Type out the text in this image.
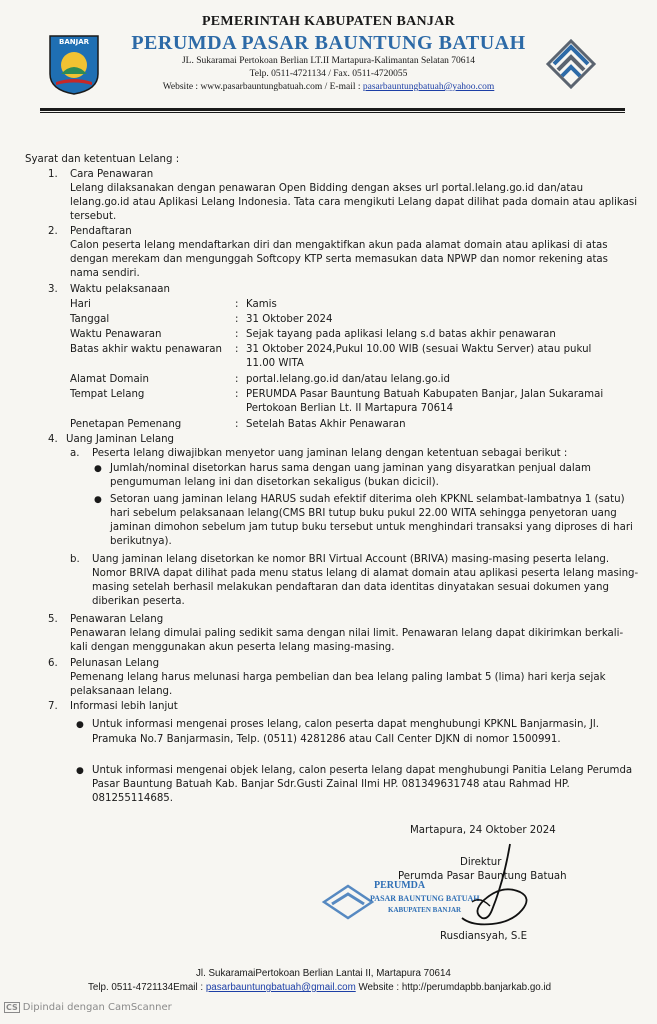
BANJAR
PEMERINTAH KABUPATEN BANJAR
PERUMDA PASAR BAUNTUNG BATUAH
JL. Sukaramai Pertokoan Berlian LT.II Martapura-Kalimantan Selatan 70614
Telp. 0511-4721134 / Fax. 0511-4720055
Website : www.pasarbauntungbatuah.com / E-mail : pasarbauntungbatuah@yahoo.com
Syarat dan ketentuan Lelang :
1. Cara Penawaran
Lelang dilaksanakan dengan penawaran Open Bidding dengan akses url portal.lelang.go.id dan/atau
lelang.go.id atau Aplikasi Lelang Indonesia. Tata cara mengikuti Lelang dapat dilihat pada domain atau aplikasi
tersebut.
2. Pendaftaran
Calon peserta lelang mendaftarkan diri dan mengaktifkan akun pada alamat domain atau aplikasi di atas
dengan merekam dan mengunggah Softcopy KTP serta memasukan data NPWP dan nomor rekening atas
nama sendiri.
3. Waktu pelaksanaan
Hari	: Kamis
Tanggal	: 31 Oktober 2024
Waktu Penawaran	: Sejak tayang pada aplikasi lelang s.d batas akhir penawaran
Batas akhir waktu penawaran : 31 Oktober 2024,Pukul 10.00 WIB (sesuai Waktu Server) atau pukul
11.00 WITA
Alamat Domain	: portal.lelang.go.id dan/atau lelang.go.id
Tempat Lelang	: PERUMDA Pasar Bauntung Batuah Kabupaten Banjar, Jalan Sukaramai
Pertokoan Berlian Lt. II Martapura 70614
Penetapan Pemenang	: Setelah Batas Akhir Penawaran
4. Uang Jaminan Lelang
a. Peserta lelang diwajibkan menyetor uang jaminan lelang dengan ketentuan sebagai berikut :
● Jumlah/nominal disetorkan harus sama dengan uang jaminan yang disyaratkan penjual dalam
pengumuman lelang ini dan disetorkan sekaligus (bukan dicicil).
● Setoran uang jaminan lelang HARUS sudah efektif diterima oleh KPKNL selambat-lambatnya 1 (satu)
hari sebelum pelaksanaan lelang(CMS BRI tutup buku pukul 22.00 WITA sehingga penyetoran uang
jaminan dimohon sebelum jam tutup buku tersebut untuk menghindari transaksi yang diproses di hari
berikutnya).
b. Uang jaminan lelang disetorkan ke nomor BRI Virtual Account (BRIVA) masing-masing peserta lelang.
Nomor BRIVA dapat dilihat pada menu status lelang di alamat domain atau aplikasi peserta lelang masing-
masing setelah berhasil melakukan pendaftaran dan data identitas dinyatakan sesuai dokumen yang
diberikan peserta.
5. Penawaran Lelang
Penawaran lelang dimulai paling sedikit sama dengan nilai limit. Penawaran lelang dapat dikirimkan berkali-
kali dengan menggunakan akun peserta lelang masing-masing.
6. Pelunasan Lelang
Pemenang lelang harus melunasi harga pembelian dan bea lelang paling lambat 5 (lima) hari kerja sejak
pelaksanaan lelang.
7. Informasi lebih lanjut
● Untuk informasi mengenai proses lelang, calon peserta dapat menghubungi KPKNL Banjarmasin, Jl.
Pramuka No.7 Banjarmasin, Telp. (0511) 4281286 atau Call Center DJKN di nomor 1500991.
● Untuk informasi mengenai objek lelang, calon peserta lelang dapat menghubungi Panitia Lelang Perumda
Pasar Bauntung Batuah Kab. Banjar Sdr.Gusti Zainal Ilmi HP. 081349631748 atau Rahmad HP.
081255114685.
Martapura, 24 Oktober 2024
Direktur
Perumda Pasar Bauntung Batuah
PERUMDA
PASAR BAUNTUNG BATUAH
KABUPATEN BANJAR
Rusdiansyah, S.E
Jl. SukaramaiPertokoan Berlian Lantai II, Martapura 70614
Telp. 0511-4721134Email : pasarbauntungbatuah@gmail.com Website : http://perumdapbb.banjarkab.go.id
CS Dipindai dengan CamScanner
